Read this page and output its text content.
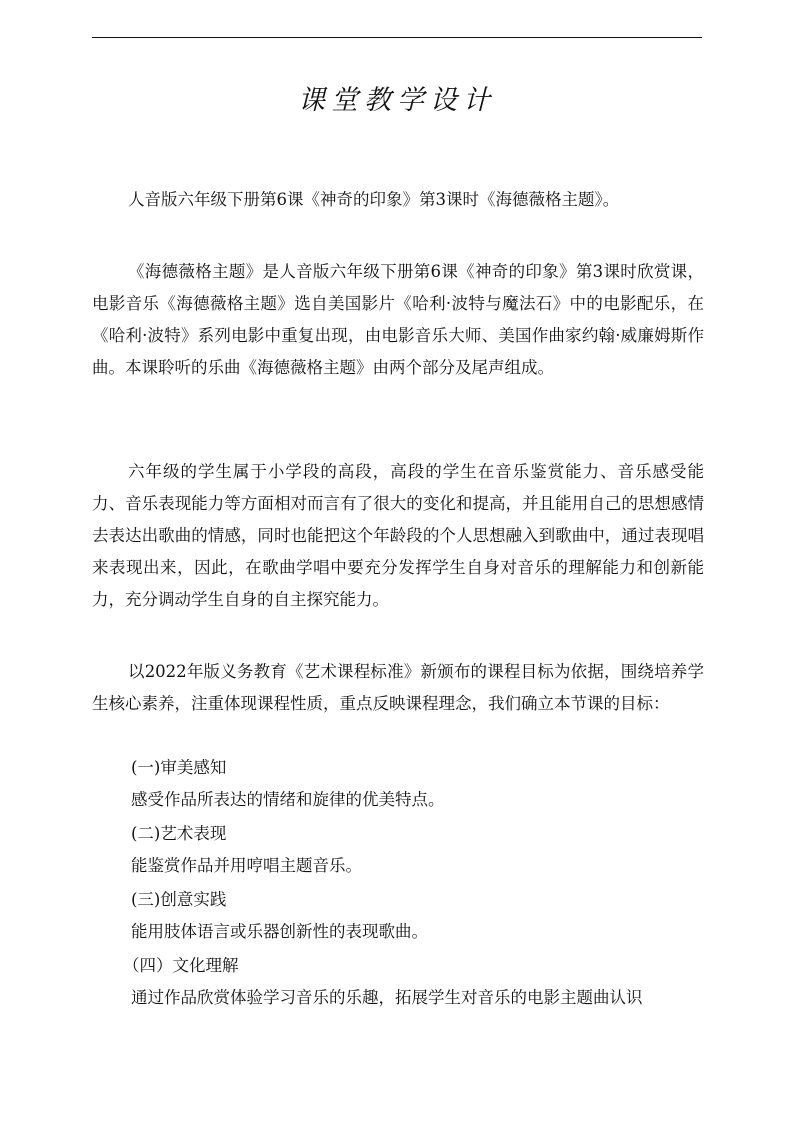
课堂教学设计

人音版六年级下册第6课《神奇的印象》第3课时《海德薇格主题》。

《海德薇格主题》是人音版六年级下册第6课《神奇的印象》第3课时欣赏课，电影音乐《海德薇格主题》选自美国影片《哈利·波特与魔法石》中的电影配乐，在《哈利·波特》系列电影中重复出现，由电影音乐大师、美国作曲家约翰·威廉姆斯作曲。本课聆听的乐曲《海德薇格主题》由两个部分及尾声组成。

六年级的学生属于小学段的高段，高段的学生在音乐鉴赏能力、音乐感受能力、音乐表现能力等方面相对而言有了很大的变化和提高，并且能用自己的思想感情去表达出歌曲的情感，同时也能把这个年龄段的个人思想融入到歌曲中，通过表现唱来表现出来，因此，在歌曲学唱中要充分发挥学生自身对音乐的理解能力和创新能力，充分调动学生自身的自主探究能力。

以2022年版义务教育《艺术课程标准》新颁布的课程目标为依据，围绕培养学生核心素养，注重体现课程性质，重点反映课程理念，我们确立本节课的目标：

(一)审美感知

感受作品所表达的情绪和旋律的优美特点。

(二)艺术表现

能鉴赏作品并用哼唱主题音乐。

(三)创意实践

能用肢体语言或乐器创新性的表现歌曲。

（四）文化理解

通过作品欣赏体验学习音乐的乐趣，拓展学生对音乐的电影主题曲认识
